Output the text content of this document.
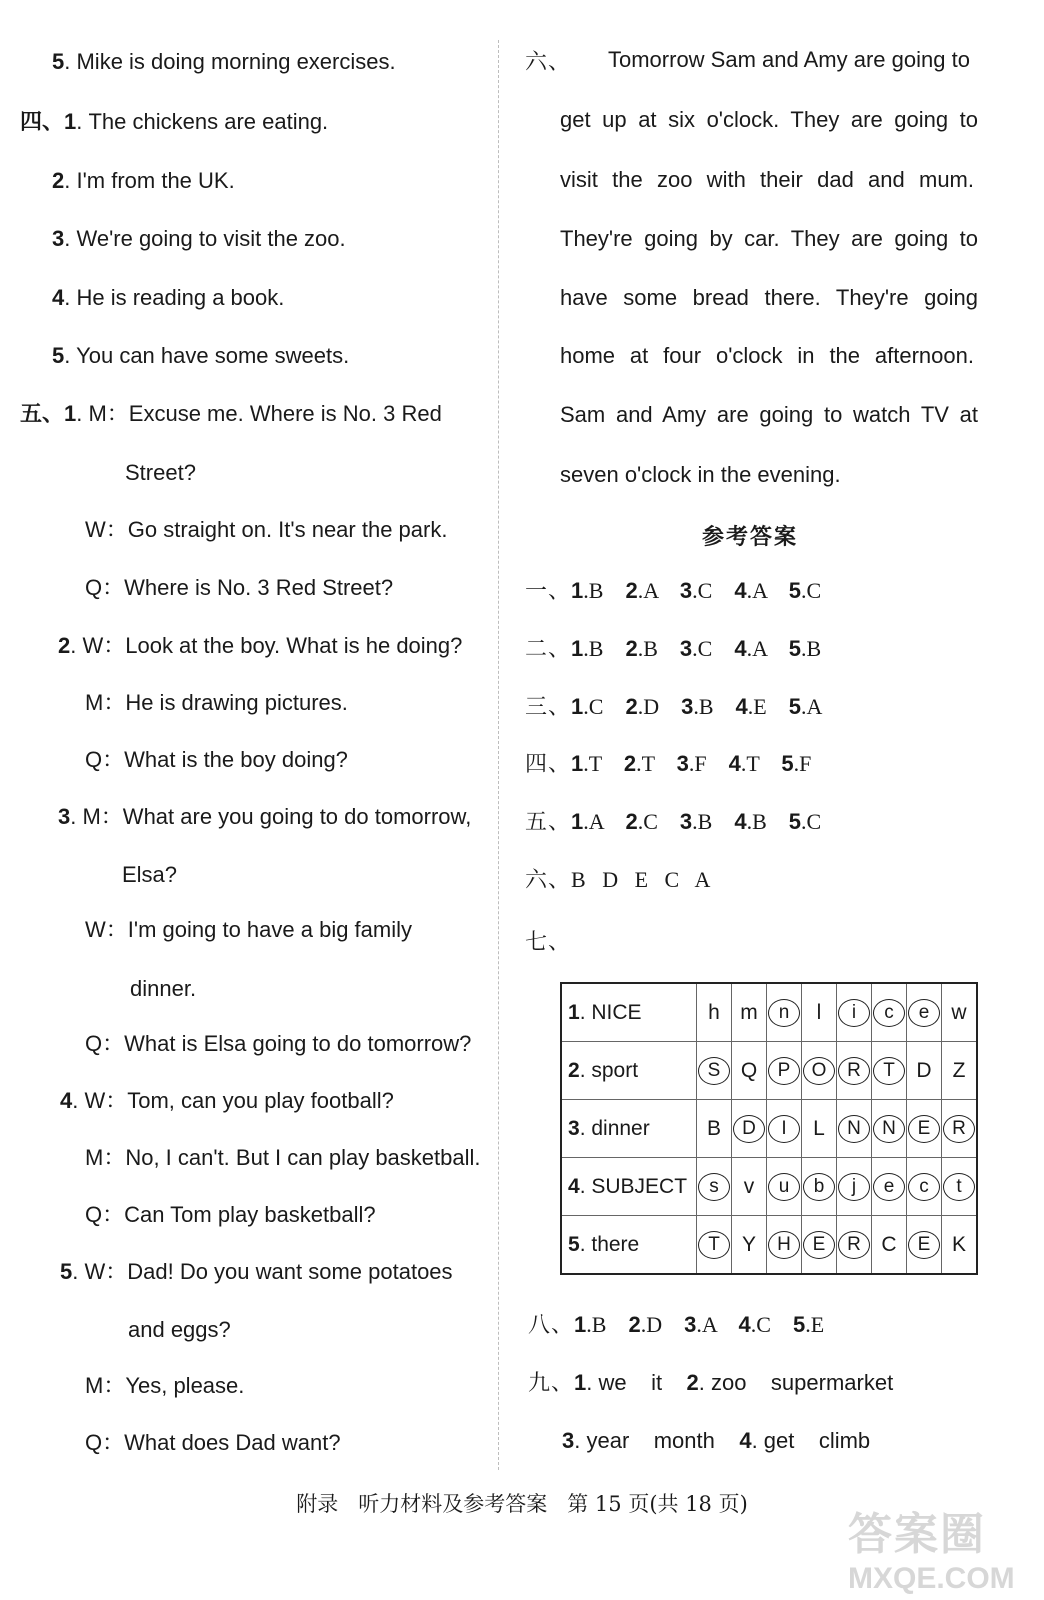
5. Mike is doing morning exercises.
四、1. The chickens are eating.
2. I'm from the UK.
3. We're going to visit the zoo.
4. He is reading a book.
5. You can have some sweets.
五、1. M：Excuse me. Where is No. 3 Red
Street?
W：Go straight on. It's near the park.
Q：Where is No. 3 Red Street?
2. W：Look at the boy. What is he doing?
M：He is drawing pictures.
Q：What is the boy doing?
3. M：What are you going to do tomorrow,
Elsa?
W：I'm going to have a big family
dinner.
Q：What is Elsa going to do tomorrow?
4. W：Tom, can you play football?
M：No, I can't. But I can play basketball.
Q：Can Tom play basketball?
5. W：Dad! Do you want some potatoes
and eggs?
M：Yes, please.
Q：What does Dad want?
六、 Tomorrow Sam and Amy are going to
get up at six o'clock. They are going to
visit the zoo with their dad and mum.
They're going by car. They are going to
have some bread there. They're going
home at four o'clock in the afternoon.
Sam and Amy are going to watch TV at
seven o'clock in the evening.
参考答案
一、1.B 2.A 3.C 4.A 5.C
二、1.B 2.B 3.C 4.A 5.B
三、1.C 2.D 3.B 4.E 5.A
四、1.T 2.T 3.F 4.T 5.F
五、1.A 2.C 3.B 4.B 5.C
六、B   D   E   C   A
七、
1. NICE	h	m	n	l	i	c	e	w
2. sport	S	Q	P	O	R	T	D	Z
3. dinner	B	D	I	L	N	N	E	R
4. SUBJECT	s	v	u	b	j	e	c	t
5. there	T	Y	H	E	R	C	E	K
八、1.B 2.D 3.A 4.C 5.E
九、1. we    it 2. zoo    supermarket
3. year    month 4. get    climb
附录   听力材料及参考答案   第 15 页(共 18 页)
答案圈
MXQE.COM
